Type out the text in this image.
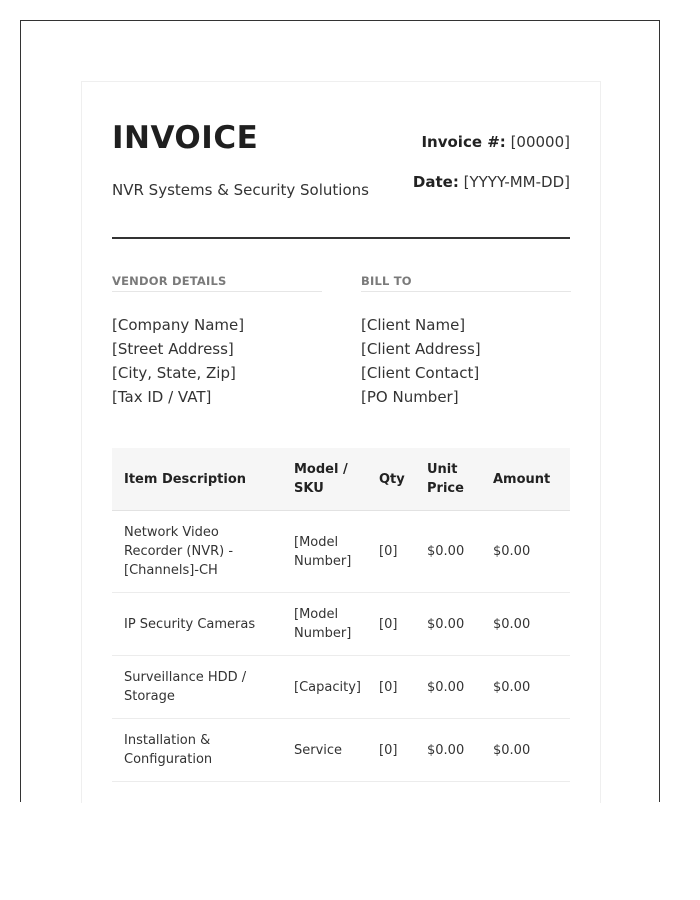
INVOICE
NVR Systems & Security Solutions
Invoice #: [00000]
Date: [YYYY-MM-DD]
VENDOR DETAILS
[Company Name]
[Street Address]
[City, State, Zip]
[Tax ID / VAT]
BILL TO
[Client Name]
[Client Address]
[Client Contact]
[PO Number]
Item Description	Model / SKU	Qty	Unit Price	Amount
Network Video Recorder (NVR) - [Channels]-CH	[Model Number]	[0]	$0.00	$0.00
IP Security Cameras	[Model Number]	[0]	$0.00	$0.00
Surveillance HDD / Storage	[Capacity]	[0]	$0.00	$0.00
Installation & Configuration	Service	[0]	$0.00	$0.00
